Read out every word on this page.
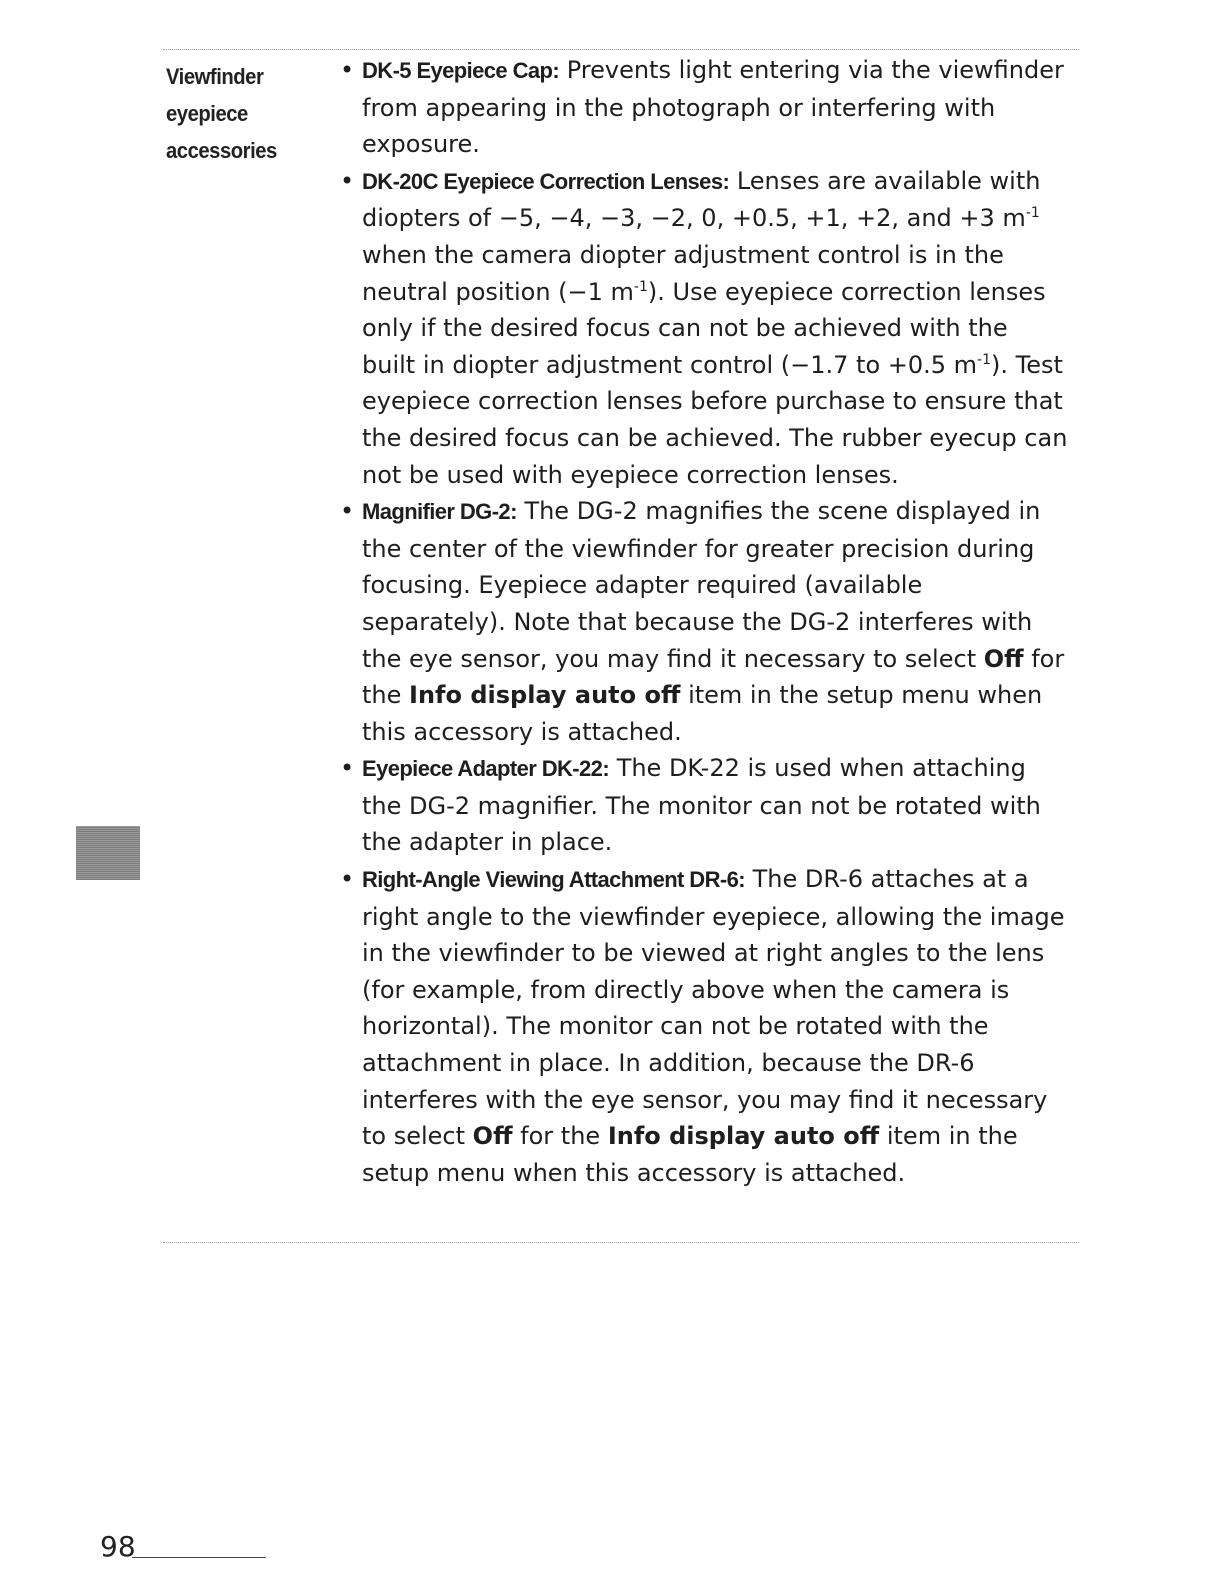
Viewfinder
eyepiece
accessories
• DK-5 Eyepiece Cap: Prevents light entering via the viewfinder from appearing in the photograph or interfering with exposure.
• DK-20C Eyepiece Correction Lenses: Lenses are available with diopters of −5, −4, −3, −2, 0, +0.5, +1, +2, and +3 $m^{-1}$ when the camera diopter adjustment control is in the neutral position (−1 $m^{-1}$). Use eyepiece correction lenses only if the desired focus can not be achieved with the built in diopter adjustment control (−1.7 to +0.5 $m^{-1}$). Test eyepiece correction lenses before purchase to ensure that the desired focus can be achieved. The rubber eyecup can not be used with eyepiece correction lenses.
• Magnifier DG-2: The DG-2 magnifies the scene displayed in the center of the viewfinder for greater precision during focusing. Eyepiece adapter required (available separately). Note that because the DG-2 interferes with the eye sensor, you may find it necessary to select Off for the Info display auto off item in the setup menu when this accessory is attached.
• Eyepiece Adapter DK-22: The DK-22 is used when attaching the DG-2 magnifier. The monitor can not be rotated with the adapter in place.
• Right-Angle Viewing Attachment DR-6: The DR-6 attaches at a right angle to the viewfinder eyepiece, allowing the image in the viewfinder to be viewed at right angles to the lens (for example, from directly above when the camera is horizontal). The monitor can not be rotated with the attachment in place. In addition, because the DR-6 interferes with the eye sensor, you may find it necessary to select Off for the Info display auto off item in the setup menu when this accessory is attached.
98
